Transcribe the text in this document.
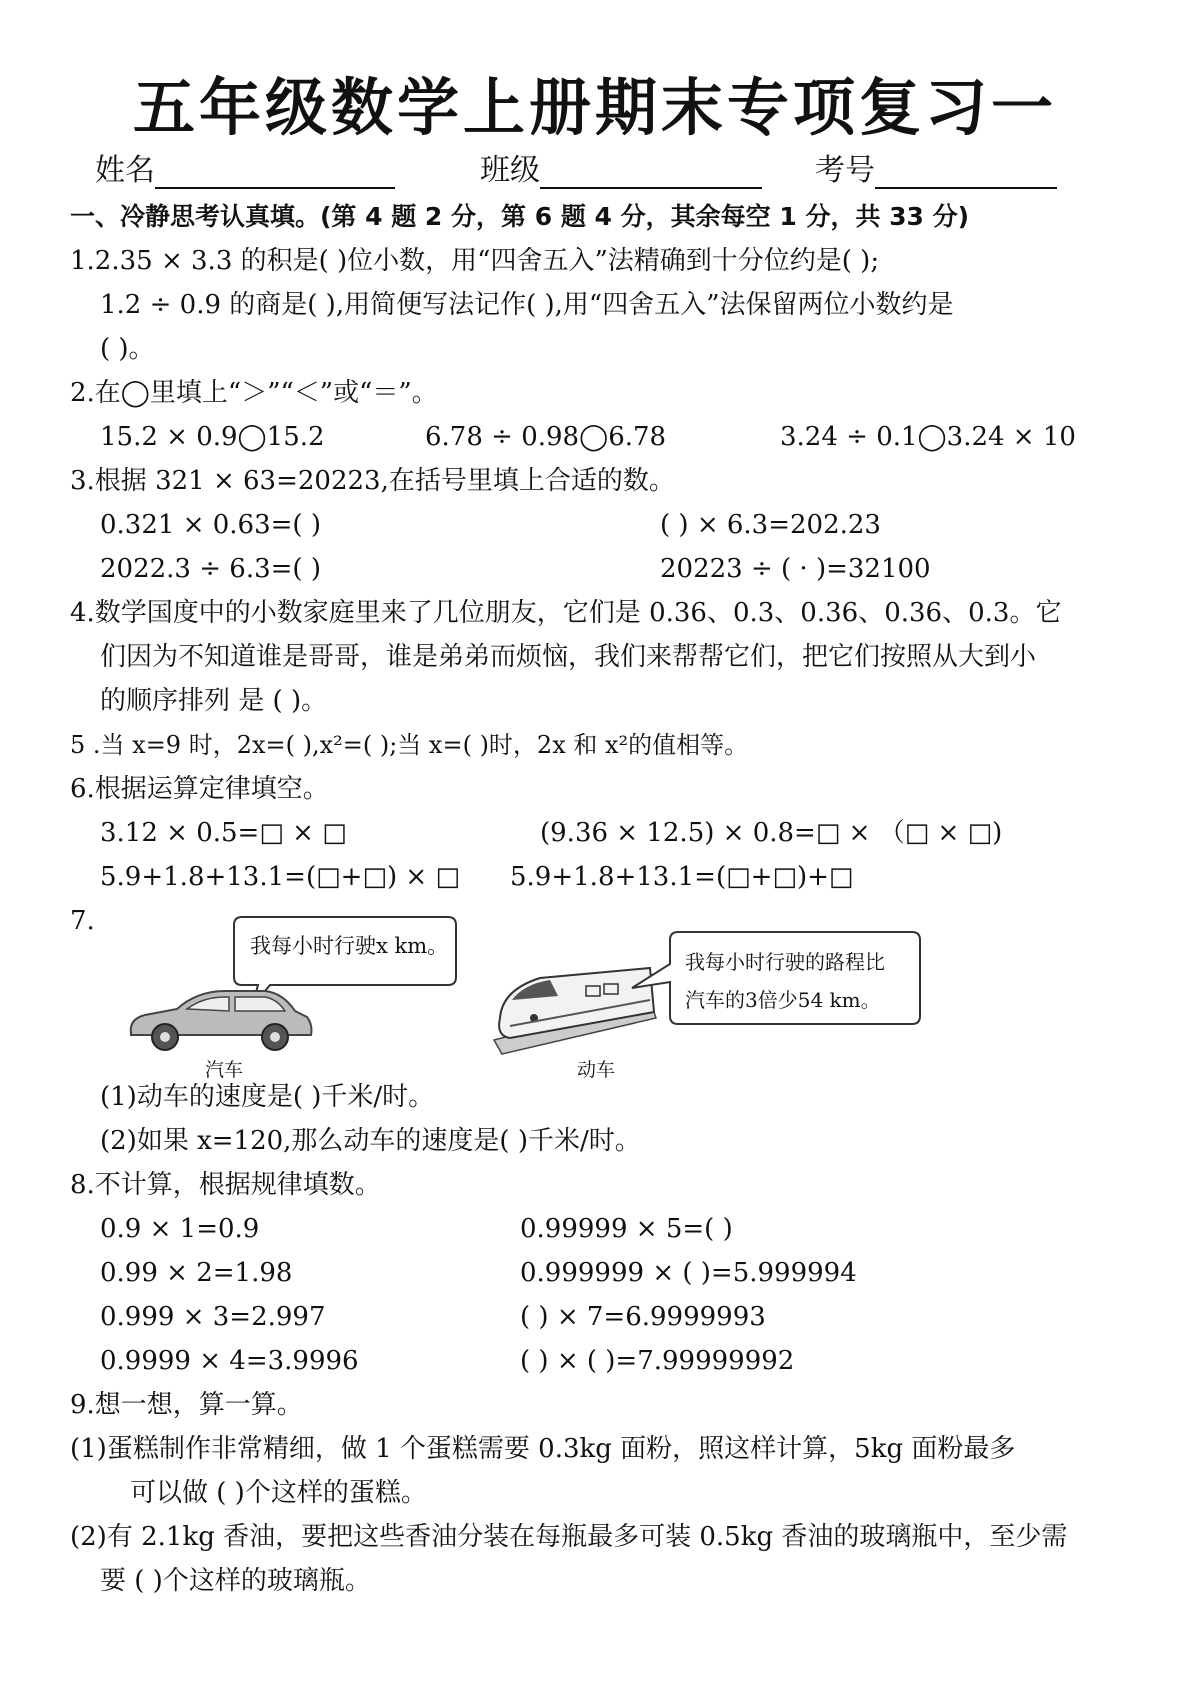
五年级数学上册期末专项复习一
姓名	班级	考号
一、冷静思考认真填。(第 4 题 2 分，第 6 题 4 分，其余每空 1 分，共 33 分)
1.2.35 × 3.3 的积是( )位小数，用“四舍五入”法精确到十分位约是( );
1.2 ÷ 0.9 的商是( ),用简便写法记作( ),用“四舍五入”法保留两位小数约是
( )。
2.在◯里填上“＞”“＜”或“＝”。
15.2 × 0.9◯15.2	6.78 ÷ 0.98◯6.78	3.24 ÷ 0.1◯3.24 × 10
3.根据 321 × 63=20223,在括号里填上合适的数。
0.321 × 0.63=( )	( ) × 6.3=202.23
2022.3 ÷ 6.3=( )	20223 ÷ ( · )=32100
4.数学国度中的小数家庭里来了几位朋友，它们是 0.36、0.3、0.36、0.36、0.3。它
们因为不知道谁是哥哥，谁是弟弟而烦恼，我们来帮帮它们，把它们按照从大到小
的顺序排列 是 ( )。
5 .当 x=9 时，2x=( ),x²=( );当 x=( )时，2x 和 x²的值相等。
6.根据运算定律填空。
3.12 × 0.5=□ × □	(9.36 × 12.5) × 0.8=□ × （□ × □)
5.9+1.8+13.1=(□+□) × □ 5.9+1.8+13.1=(□+□)+□
7.
我每小时行驶x km。
汽车	动车
我每小时行驶的路程比
汽车的3倍少54 km。
(1)动车的速度是( )千米/时。
(2)如果 x=120,那么动车的速度是( )千米/时。
8.不计算，根据规律填数。
0.9 × 1=0.9	0.99999 × 5=( )
0.99 × 2=1.98	0.999999 × ( )=5.999994
0.999 × 3=2.997	( ) × 7=6.9999993
0.9999 × 4=3.9996	( ) × ( )=7.99999992
9.想一想，算一算。
(1)蛋糕制作非常精细，做 1 个蛋糕需要 0.3kg 面粉，照这样计算，5kg 面粉最多
可以做 ( )个这样的蛋糕。
(2)有 2.1kg 香油，要把这些香油分装在每瓶最多可装 0.5kg 香油的玻璃瓶中，至少需
要 ( )个这样的玻璃瓶。
